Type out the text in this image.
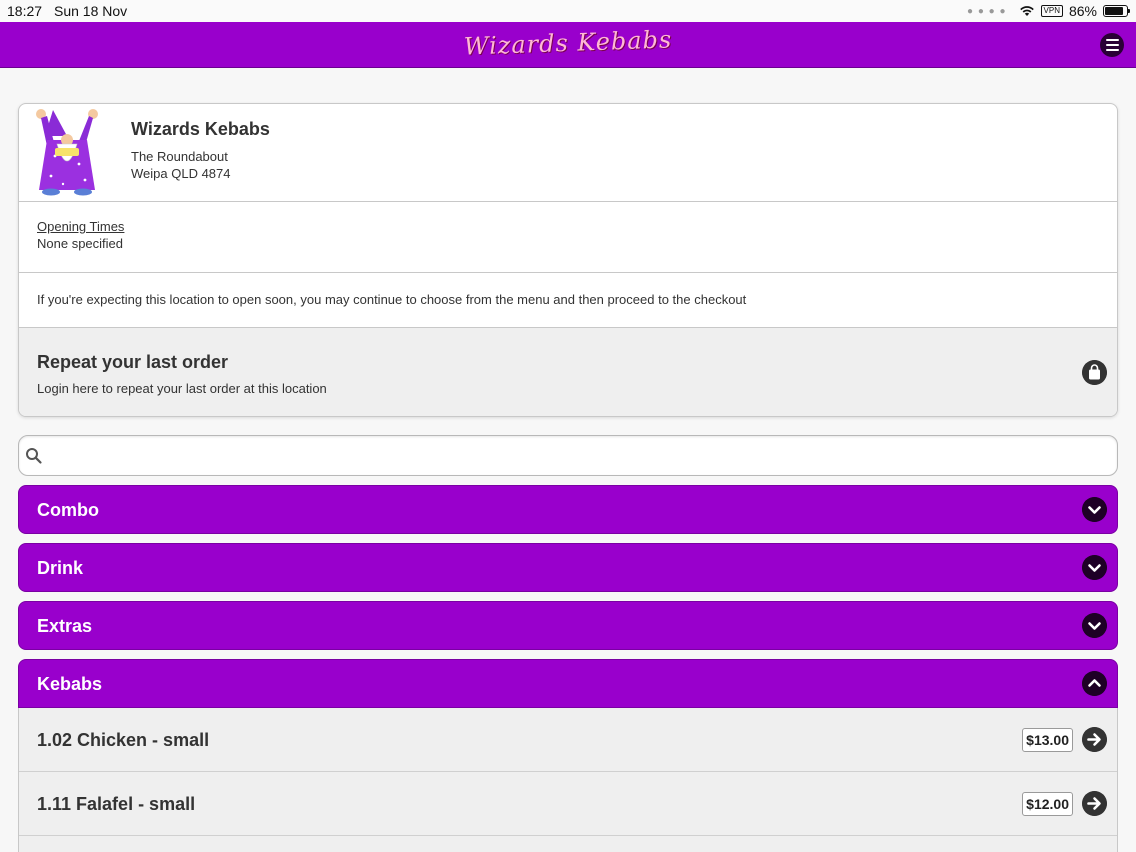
18:27 Sun 18 Nov	● ● ● ●	VPN 86%
Wizards Kebabs
Wizards Kebabs
The Roundabout
Weipa QLD 4874
Opening Times
None specified
If you're expecting this location to open soon, you may continue to choose from the menu and then proceed to the checkout
Repeat your last order
Login here to repeat your last order at this location
Combo
Drink
Extras
Kebabs
1.02 Chicken - small	$13.00
1.11 Falafel - small	$12.00
